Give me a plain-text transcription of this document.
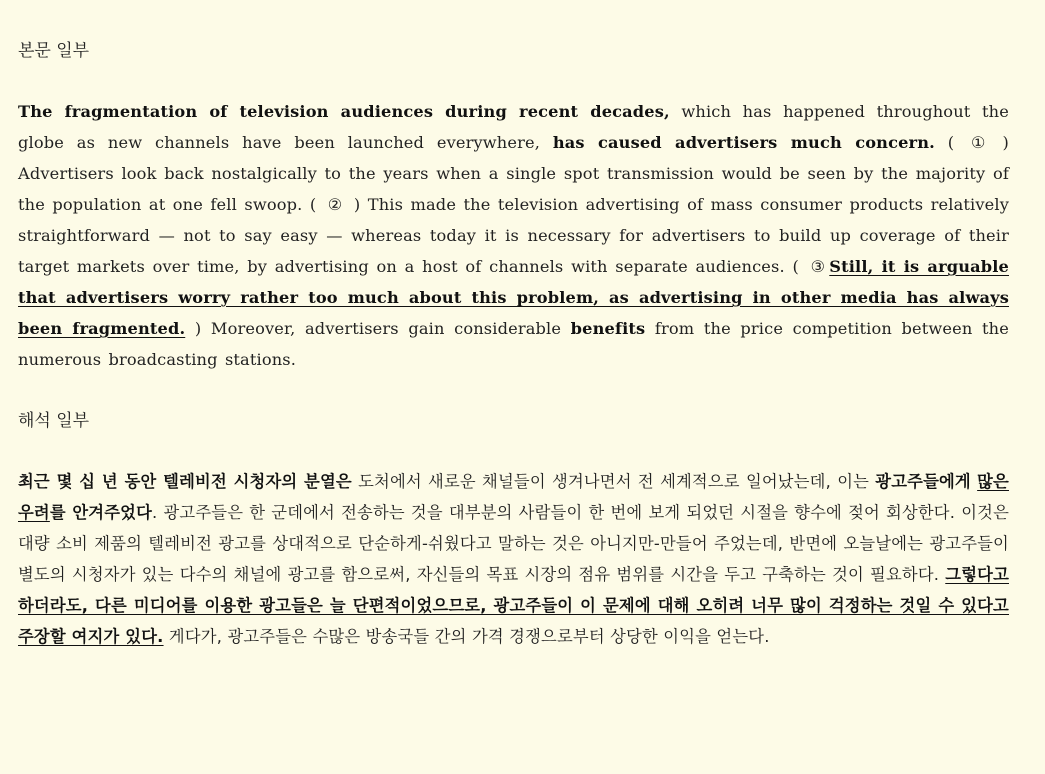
본문 일부

The fragmentation of television audiences during recent decades, which has happened throughout the globe as new channels have been launched everywhere, has caused advertisers much concern. ( ① ) Advertisers look back nostalgically to the years when a single spot transmission would be seen by the majority of the population at one fell swoop. ( ② ) This made the television advertising of mass consumer products relatively straightforward — not to say easy — whereas today it is necessary for advertisers to build up coverage of their target markets over time, by advertising on a host of channels with separate audiences. ( ③ Still, it is arguable that advertisers worry rather too much about this problem, as advertising in other media has always been fragmented. ) Moreover, advertisers gain considerable benefits from the price competition between the numerous broadcasting stations.

해석 일부

최근 몇 십 년 동안 텔레비전 시청자의 분열은 도처에서 새로운 채널들이 생겨나면서 전 세계적으로 일어났는데, 이는 광고주들에게 많은 우려를 안겨주었다. 광고주들은 한 군데에서 전송하는 것을 대부분의 사람들이 한 번에 보게 되었던 시절을 향수에 젖어 회상한다. 이것은 대량 소비 제품의 텔레비전 광고를 상대적으로 단순하게-쉬웠다고 말하는 것은 아니지만-만들어 주었는데, 반면에 오늘날에는 광고주들이 별도의 시청자가 있는 다수의 채널에 광고를 함으로써, 자신들의 목표 시장의 점유 범위를 시간을 두고 구축하는 것이 필요하다. 그렇다고 하더라도, 다른 미디어를 이용한 광고들은 늘 단편적이었으므로, 광고주들이 이 문제에 대해 오히려 너무 많이 걱정하는 것일 수 있다고 주장할 여지가 있다. 게다가, 광고주들은 수많은 방송국들 간의 가격 경쟁으로부터 상당한 이익을 얻는다.
